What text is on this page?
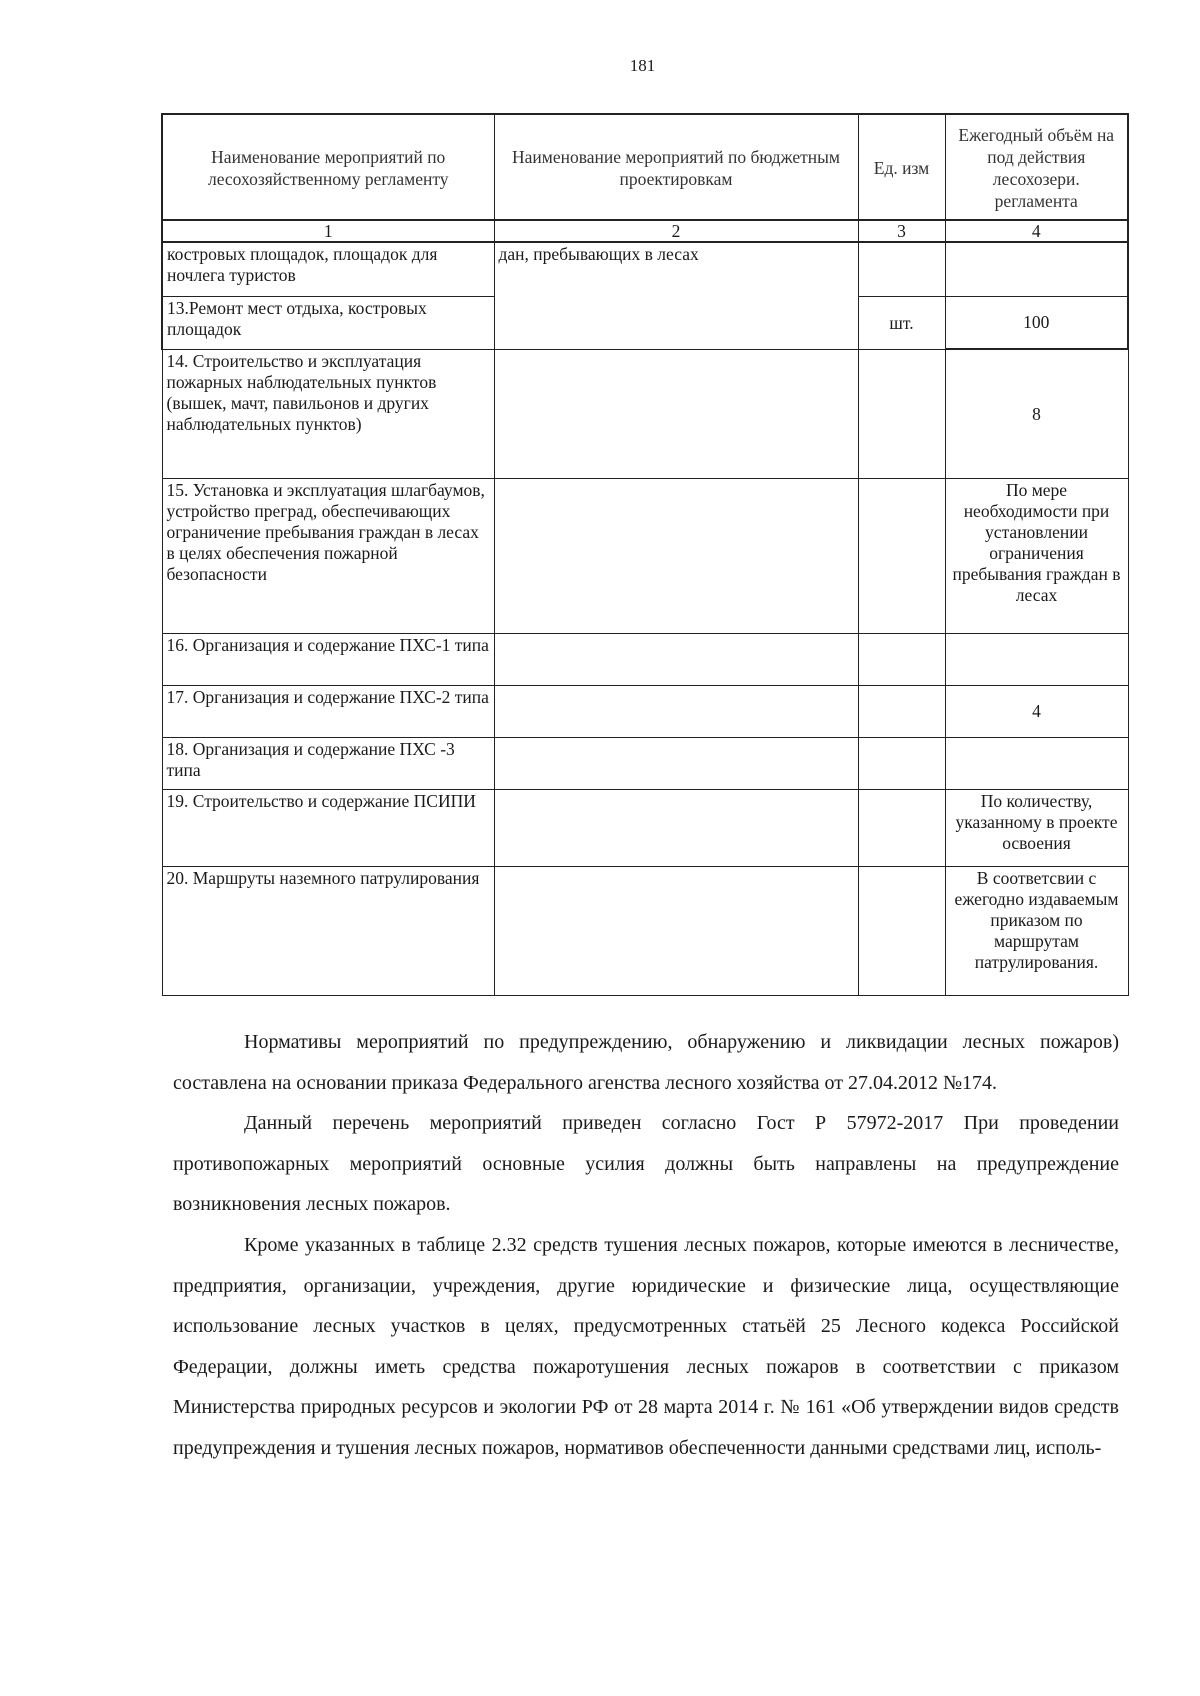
181
Наименование мероприятий по лесохозяйственному регламенту	Наименование мероприятий по бюджетным проектировкам	Ед. изм	Ежегодный объём на под действия лесохозери. регламента
1	2	3	4
костровых площадок, площадок для ночлега туристов	дан, пребывающих в лесах		
13.Ремонт мест отдыха, костровых площадок		шт.	100
14. Строительство и эксплуатация пожарных наблюдательных пунктов (вышек, мачт, павильонов и других наблюдательных пунктов)			8
15. Установка и эксплуатация шлагбаумов, устройство преград, обеспечивающих ограничение пребывания граждан в лесах в целях обеспечения пожарной безопасности			По мере необходимости при установлении ограничения пребывания граждан в лесах
16. Организация и содержание ПХС-1 типа			
17. Организация и содержание ПХС-2 типа			4
18. Организация и содержание ПХС -3 типа			
19. Строительство и содержание ПСИПИ			По количеству, указанному в проекте освоения
20. Маршруты наземного патрулирования			В соответсвии с ежегодно издаваемым приказом по маршрутам патрулирования.

Нормативы мероприятий по предупреждению, обнаружению и ликвидации лесных пожаров) составлена на основании приказа Федерального агенства лесного хозяйства от 27.04.2012 №174.

Данный перечень мероприятий приведен согласно Гост Р 57972-2017 При проведении противопожарных мероприятий основные усилия должны быть направлены на предупреждение возникновения лесных пожаров.

Кроме указанных в таблице 2.32 средств тушения лесных пожаров, которые имеются в лесничестве, предприятия, организации, учреждения, другие юридические и физические лица, осуществляющие использование лесных участков в целях, предусмотренных статьёй 25 Лесного кодекса Российской Федерации, должны иметь средства пожаротушения лесных пожаров в соответствии с приказом Министерства природных ресурсов и экологии РФ от 28 марта 2014 г. № 161 «Об утверждении видов средств предупреждения и тушения лесных пожаров, нормативов обеспеченности данными средствами лиц, исполь-
